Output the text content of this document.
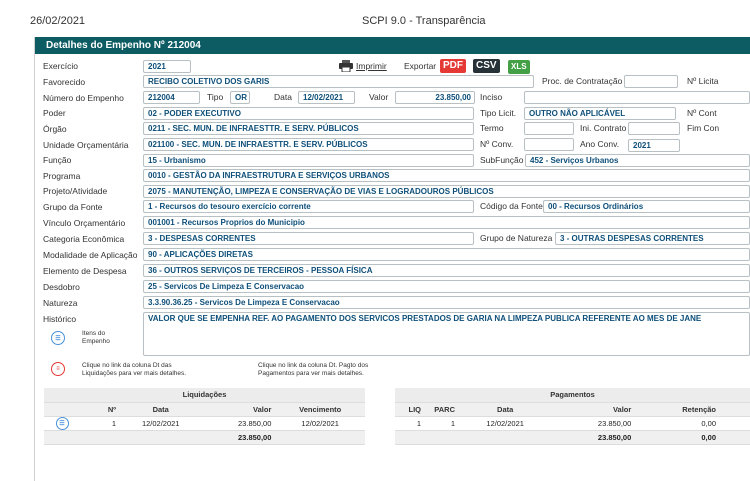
26/02/2021	SCPI 9.0 - Transparência
Detalhes do Empenho Nº 212004
Exercício	2021	Imprimir Exportar PDF	CSV	XLS
Favorecido	RECIBO COLETIVO DOS GARIS	Proc. de Contratação	Nº Licita
Número do Empenho	212004	Tipo	OR	Data	12/02/2021	Valor	23.850,00	Inciso
Poder	02 - PODER EXECUTIVO	Tipo Licit.	OUTRO NÃO APLICÁVEL	Nº Cont
Órgão	0211 - SEC. MUN. DE INFRAESTTR. E SERV. PÚBLICOS	Termo	Ini. Contrato	Fim Con
Unidade Orçamentária	021100 - SEC. MUN. DE INFRAESTTR. E SERV. PÚBLICOS	Nº Conv.	Ano Conv.	2021
Função	15 - Urbanismo	SubFunção 452 - Serviços Urbanos
Programa	0010 - GESTÃO DA INFRAESTRUTURA E SERVIÇOS URBANOS
Projeto/Atividade	2075 - MANUTENÇÃO, LIMPEZA E CONSERVAÇÃO DE VIAS E LOGRADOUROS PÚBLICOS
Grupo da Fonte	1 - Recursos do tesouro exercício corrente	Código da Fonte 00 - Recursos Ordinários
Vínculo Orçamentário	001001 - Recursos Proprios do Municipio
Categoria Econômica	3 - DESPESAS CORRENTES	Grupo de Natureza 3 - OUTRAS DESPESAS CORRENTES
Modalidade de Aplicação	90 - APLICAÇÕES DIRETAS
Elemento de Despesa	36 - OUTROS SERVIÇOS DE TERCEIROS - PESSOA FÍSICA
Desdobro	25 - Servicos De Limpeza E Conservacao
Natureza	3.3.90.36.25 - Servicos De Limpeza E Conservacao
Histórico	VALOR QUE SE EMPENHA REF. AO PAGAMENTO DOS SERVICOS PRESTADOS DE GARIA NA LIMPEZA PUBLICA REFERENTE AO MES DE JANE
☰
Itens do
Empenho
≡	Clique no link da coluna Dt das
Liquidações para ver mais detalhes.
Clique no link da coluna Dt. Pagto dos
Pagamentos para ver mais detalhes.
Liquidações				
	Nº	Data	Valor	Vencimento
☰	1	12/02/2021	23.850,00	12/02/2021
			23.850,00	
Pagamentos					
LIQ	PARC	Data	Valor	Retenção	
1	1	12/02/2021	23.850,00	0,00	
			23.850,00	0,00	
